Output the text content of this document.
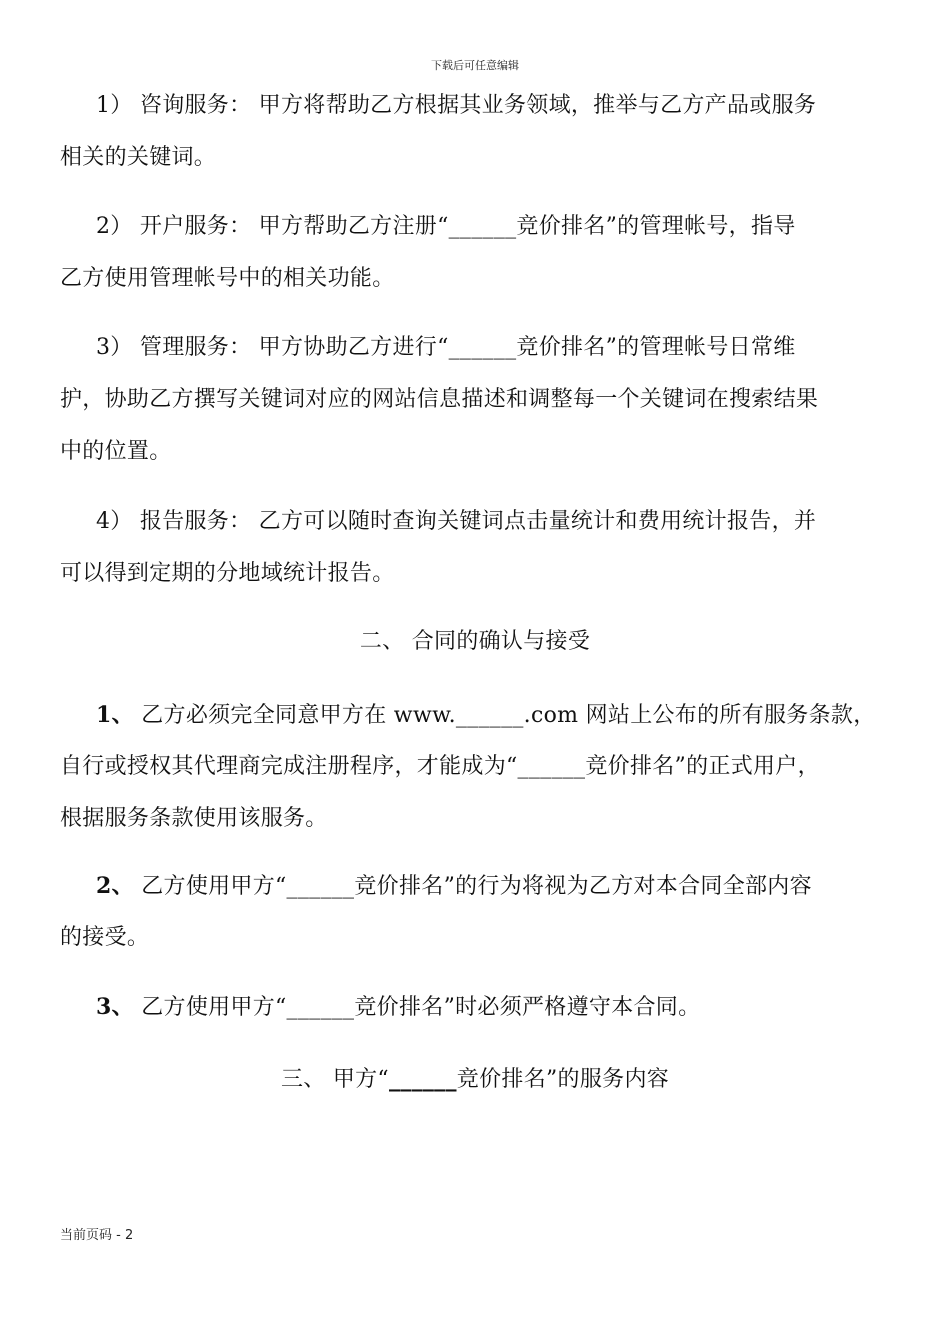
下载后可任意编辑
1） 咨询服务： 甲方将帮助乙方根据其业务领域，推举与乙方产品或服务
相关的关键词。
2） 开户服务： 甲方帮助乙方注册“______竞价排名”的管理帐号，指导
乙方使用管理帐号中的相关功能。
3） 管理服务： 甲方协助乙方进行“______竞价排名”的管理帐号日常维
护，协助乙方撰写关键词对应的网站信息描述和调整每一个关键词在搜索结果
中的位置。
4） 报告服务： 乙方可以随时查询关键词点击量统计和费用统计报告，并
可以得到定期的分地域统计报告。
二、 合同的确认与接受
1、 乙方必须完全同意甲方在 www.______.com 网站上公布的所有服务条款，
自行或授权其代理商完成注册程序，才能成为“______竞价排名”的正式用户，
根据服务条款使用该服务。
2、 乙方使用甲方“______竞价排名”的行为将视为乙方对本合同全部内容
的接受。
3、 乙方使用甲方“______竞价排名”时必须严格遵守本合同。
三、 甲方“______竞价排名”的服务内容
当前页码 - 2
